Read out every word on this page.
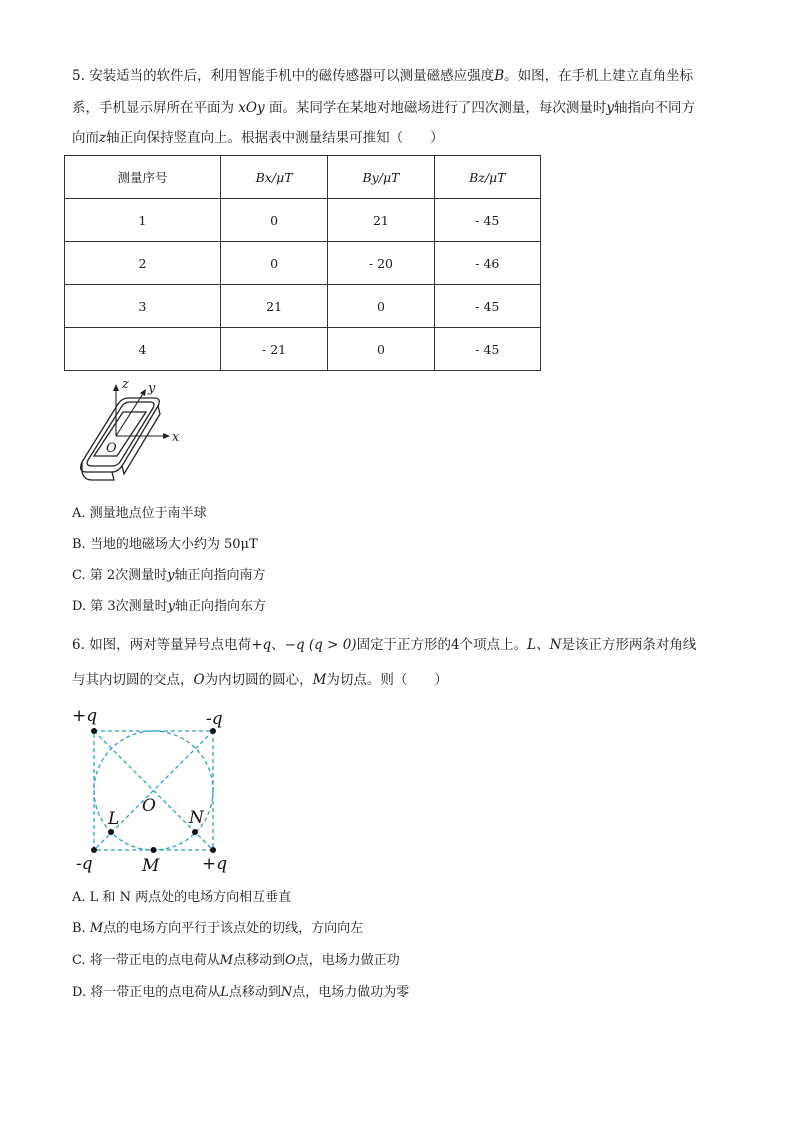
5. 安装适当的软件后，利用智能手机中的磁传感器可以测量磁感应强度B。如图，在手机上建立直角坐标
系，手机显示屏所在平面为 xOy 面。某同学在某地对地磁场进行了四次测量，每次测量时y轴指向不同方
向而z轴正向保持竖直向上。根据表中测量结果可推知（　　）
测量序号	Bx/μT	By/μT	Bz/μT
1	0	21	- 45
2	0	- 20	- 46
3	21	0	- 45
4	- 21	0	- 45
z y
x
O
A. 测量地点位于南半球
B. 当地的地磁场大小约为 50μT
C. 第 2次测量时y轴正向指向南方
D. 第 3次测量时y轴正向指向东方
6. 如图，两对等量异号点电荷+q、−q (q > 0)固定于正方形的4个项点上。L、N是该正方形两条对角线
与其内切圆的交点，O为内切圆的圆心，M为切点。则（　　）
+q	-q
-q	+q
L
O
N
M
A. L 和 N 两点处的电场方向相互垂直
B. M点的电场方向平行于该点处的切线，方向向左
C. 将一带正电的点电荷从M点移动到O点，电场力做正功
D. 将一带正电的点电荷从L点移动到N点，电场力做功为零
